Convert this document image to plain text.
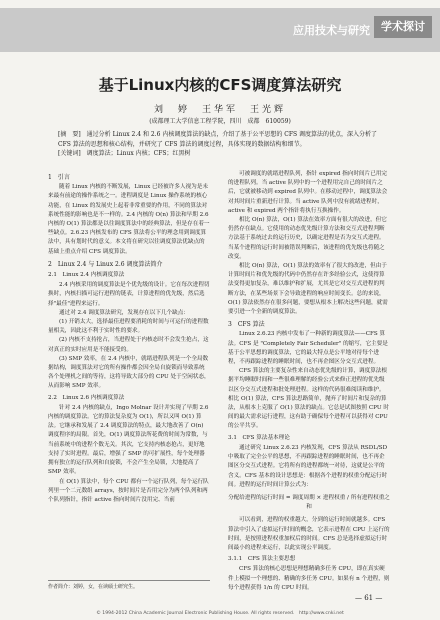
应用技术与研究	学术探讨
基于Linux内核的CFS调度算法研究
刘　婷　王华军　王光辉
(成都理工大学信息工程学院，四川　成都　610059)

[摘　要]　通过分析 Linux 2.4 和 2.6 内核调度算法的缺点，介绍了基于公平思想的 CFS 调度算法的优点，深入分析了 CFS 算法的思想和核心结构，并研究了 CFS 算法的调度过程，具体实现的数据结构和细节。

[关键词]　调度算法；Linux 内核；CFS；红黑树

1　引言

随着 Linux 内核的不断发展，Linux 已经被许多人视为是未来最有前途的操作系统之一。进程调度是 Linux 操作系统的核心功能，在 Linux 的发展史上起着非常重要的作用，不同的算法对系统性能的影响也是不一样的。2.4 内核的 O(n) 算法和早期 2.6 内核的 O(1) 算法都是以往调度算法中的经典算法，但是存在着一些缺点。2.6.23 内核发布的 CFS 算法将公平的理念用到调度算法中，具有划时代的意义。本文将在研究以往调度算法优缺点的基础上重点介绍 CFS 调度算法。

2　Linux 2.4 与 Linux 2.6 调度算法简介
2.1　Linux 2.4 内核调度算法

2.4 内核采用的调度算法是个优先级的设计。它在每次进程切换时，内核扫描可运行进程的链表，计算进程的优先级，然后选择"最佳"进程来运行。

通过对 2.4 调度算法研究，发现存在以下几个缺点：

(1) 开销太大，选择最佳进程要消耗的时间与可运行的进程数量相关，因此这不利于实时性的要求。

(2) 内核不支持抢占，当进程处于内核态时不会发生抢占，这对真正的实时应用是不能接受的。

(3) SMP 效率，在 2.4 内核中，就绪进程队列是一个全局数据结构，调度算法对它的所有操作都会因全局自旋锁而导致系统各个处理机之间的等待，这将导致大部分的 CPU 处于空闲状态，从而影响 SMP 效率。

2.2　Linux 2.6 内核调度算法

针对 2.4 内核的缺点，Ingo Molnar 设计并实现了早期 2.6 内核的调度算法。它的算法复杂度为 O(1)，所以又叫 O(1) 算法。它继承和发展了 2.4 调度算法的特点，最大地改善了 O(n) 调度程序的局限。首先，O(1) 调度算法所花费的时间为常数，与当前系统中的进程个数无关。其次，它支持内核态抢占，更好地支持了实时进程。最后，增强了 SMP 的可扩展性，每个处理器拥有独立的运行队列和自旋锁，不会产生全局锁，大地提高了 SMP 效率。

在 O(1) 算法中，每个 CPU 都有一个运行队列，每个运行队列里一个二元数组 arrays，按时间片是否用完分为两个队列和两个队列指针，指针 active 指向时间片没用完、当前

可被调度的就绪进程队列，指针 expired 指向时间片已用完的进程队列。当 active 队列中的一个进程用完自己的时间片之后，它就被移动到 expired 队列中。在移动过程中，调度算法会对其时间片重新进行计算。当 active 队列中没有就绪进程时，active 和 expired 两个指针将执行互换操作。

相比 O(n) 算法，O(1) 算法在效率方面有很大的改进，但它仍然存在缺点。它使用的动态优先级计算方法和交互式进程判断方法基于系统过去的运行历史，以确定进程是否为交互式进程。当某个进程的运行时间被错误判断后，该进程的优先级也将随之改变。

相比 O(n) 算法，O(1) 算法的效率有了很大的改进，但由于计算时间片和优先级的代码中仍然存在许多经验公式，这使得算法变得更加复杂，难以维护和扩展，尤其是它对交互式进程的判断方法，在某些场景下会导致进程的响应时间变长。总的来说，O(1) 算法依然存在很多问题，要想从根本上解决这些问题，就需要引进一个全新的调度算法。

3　CFS 算法

Linux 2.6.23 内核中发布了一种新的调度算法——CFS 算法。CFS 是 "Completely Fair Scheduler" 的缩写，它主要是基于公平思想的调度算法，它的最大特点是公平地对待每个进程，不再跟踪进程的睡眠时间，也不再企图区分交互式进程。

CFS 算法的主要复杂性来自动态优先级的计算，调度算法根据平均睡眠时间和一些很难理解的经验公式来修正进程的优先级以区分交互式进程和批处理进程。这样的代码很难阅读和维护。相比 O(1) 算法，CFS 算法思路简单，抛弃了时间片和复杂的算法，从根本上克服了 O(1) 算法的缺点。它总是试图按照 CPU 时间的最大需求运行进程，这有助于确保每个进程可以获得对 CPU 的公平共享。

3.1　CFS 算法基本理论

通过研究 Linux 2.6.23 内核发现，CFS 算法从 RSDL/SD 中吸取了完全公平的思想，不再跟踪进程的睡眠时间，也不再企图区分交互式进程。它将所有的进程都统一对待，这就是公平的含义。CFS 基本的设计思想是：根据各个进程的权重分配运行时间。进程的运行时间计算公式为：

分配给进程的运行时间 = 调度周期 × 进程权重 / 所有进程权重之和

可以看到，进程的权重越大，分到的运行时间就越多。CFS 算法中引入了虚拟运行时间的概念，它表示进程在 CPU 上运行的时间，是按照进程权重加权后的时间。CFS 总是选择虚拟运行时间最小的进程来运行，以此实现公平调度。

3.1.1　CFS 算法主要思想

CFS 算法的核心思想是理想精确多任务 CPU，即在真实硬件上模拟一个理想的、精确的多任务 CPU。如果有 n 个进程，则每个进程获得 1/n 的 CPU 时间。

作者简介：刘婷，女，在读硕士研究生。
— 61 —
© 1994-2012 China Academic Journal Electronic Publishing House. All rights reserved.　http://www.cnki.net
